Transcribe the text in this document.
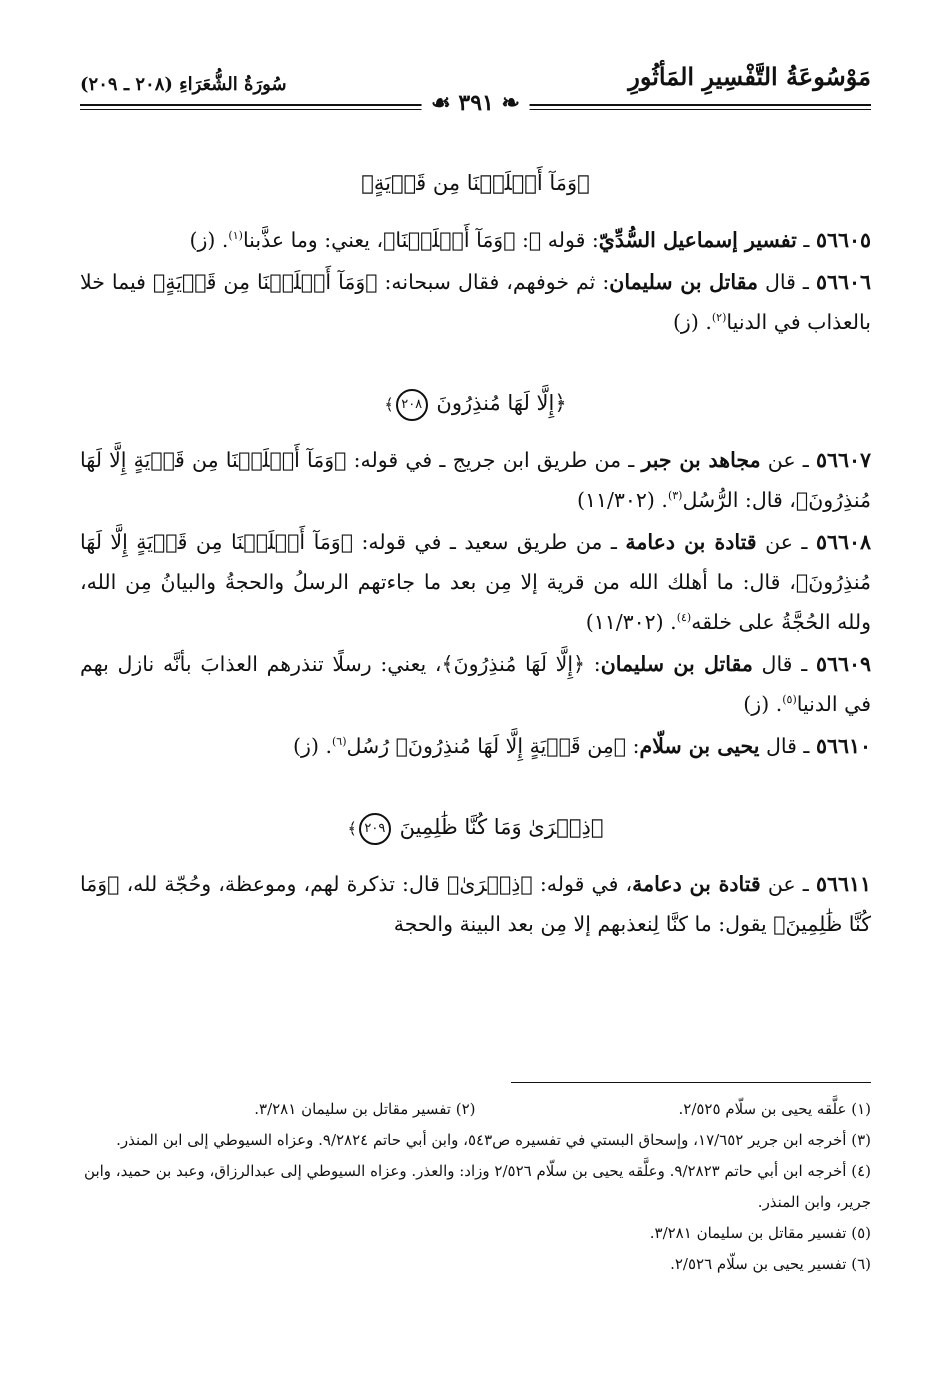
مَوْسُوعَةُ التَّفْسِيرِ المَأثُورِ
سُورَةُ الشُّعَرَاءِ (٢٠٨ ـ ٢٠٩)
❧ ٣٩١ ☙
﴿وَمَآ أَهۡلَكۡنَا مِن قَرۡيَةٍ﴾

٥٦٦٠٥ ـ تفسير إسماعيل السُّدِّيّ: قوله ﷻ: ﴿وَمَآ أَهۡلَكۡنَا﴾، يعني: وما عذَّبنا$^{(١)}$. (ز)

٥٦٦٠٦ ـ قال مقاتل بن سليمان: ثم خوفهم، فقال سبحانه: ﴿وَمَآ أَهۡلَكۡنَا مِن قَرۡيَةٍ﴾ فيما خلا بالعذاب في الدنيا$^{(٢)}$. (ز)

﴿إِلَّا لَهَا مُنذِرُونَ ٢٠٨﴾

٥٦٦٠٧ ـ عن مجاهد بن جبر ـ من طريق ابن جريج ـ في قوله: ﴿وَمَآ أَهۡلَكۡنَا مِن قَرۡيَةٍ إِلَّا لَهَا مُنذِرُونَ﴾، قال: الرُّسُل$^{(٣)}$. (١١/٣٠٢)

٥٦٦٠٨ ـ عن قتادة بن دعامة ـ من طريق سعيد ـ في قوله: ﴿وَمَآ أَهۡلَكۡنَا مِن قَرۡيَةٍ إِلَّا لَهَا مُنذِرُونَ﴾، قال: ما أهلك الله من قرية إلا مِن بعد ما جاءتهم الرسلُ والحجةُ والبيانُ مِن الله، ولله الحُجَّةُ على خلقه$^{(٤)}$. (١١/٣٠٢)

٥٦٦٠٩ ـ قال مقاتل بن سليمان: ﴿إِلَّا لَهَا مُنذِرُونَ﴾، يعني: رسلًا تنذرهم العذابَ بأنَّه نازل بهم في الدنيا$^{(٥)}$. (ز)

٥٦٦١٠ ـ قال يحيى بن سلّام: ﴿مِن قَرۡيَةٍ إِلَّا لَهَا مُنذِرُونَ﴾ رُسُل$^{(٦)}$. (ز)

﴿ذِكۡرَىٰ وَمَا كُنَّا ظَٰلِمِينَ ٢٠٩﴾

٥٦٦١١ ـ عن قتادة بن دعامة، في قوله: ﴿ذِكۡرَىٰ﴾ قال: تذكرة لهم، وموعظة، وحُجّة لله، ﴿وَمَا كُنَّا ظَٰلِمِينَ﴾ يقول: ما كنَّا لِنعذبهم إلا مِن بعد البينة والحجة

(١) علَّقه يحيى بن سلّام ٢/٥٢٥.
(٢) تفسير مقاتل بن سليمان ٣/٢٨١.
(٣) أخرجه ابن جرير ١٧/٦٥٢، وإسحاق البستي في تفسيره ص٥٤٣، وابن أبي حاتم ٩/٢٨٢٤. وعزاه السيوطي إلى ابن المنذر.
(٤) أخرجه ابن أبي حاتم ٩/٢٨٢٣. وعلَّقه يحيى بن سلّام ٢/٥٢٦ وزاد: والعذر. وعزاه السيوطي إلى عبدالرزاق، وعبد بن حميد، وابن جرير، وابن المنذر.
(٥) تفسير مقاتل بن سليمان ٣/٢٨١.
(٦) تفسير يحيى بن سلّام ٢/٥٢٦.
